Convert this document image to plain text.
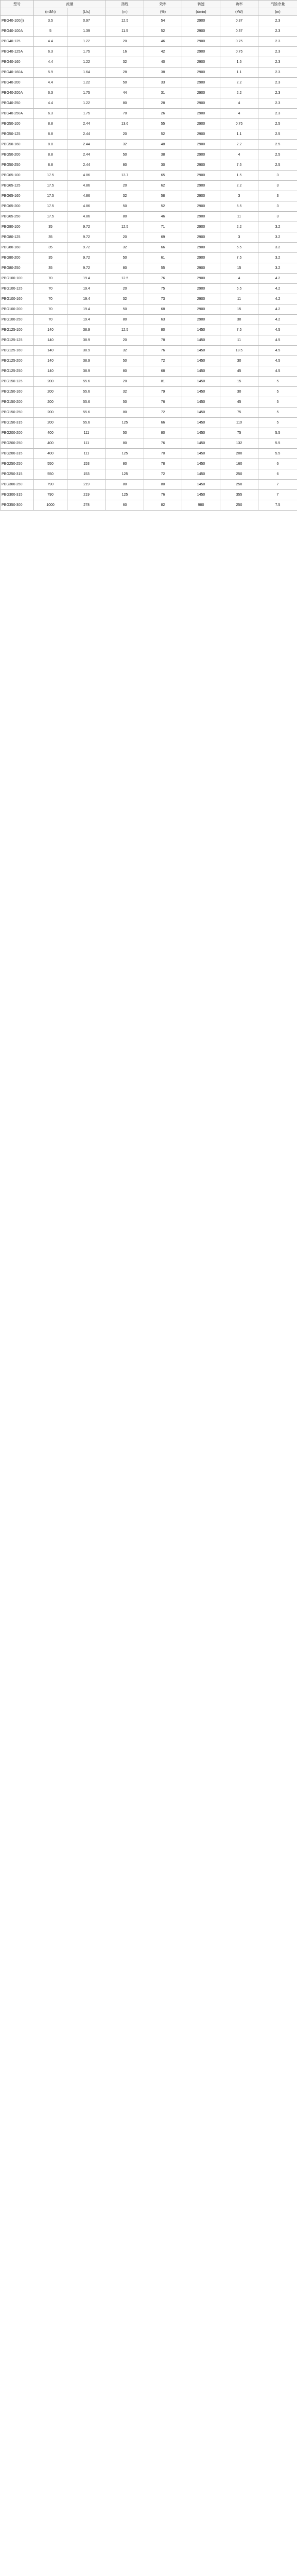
型号	流量		扬程	效率	转速	功率	汽蚀余量
	(m3/h)	(L/s)	(m)	(%)	(r/min)	(kW)	(m)
PBG40-100(I)	3.5	0.97	12.5	54	2900	0.37	2.3
PBG40-100A	5	1.39	11.5	52	2900	0.37	2.3
PBG40-125	4.4	1.22	20	46	2900	0.75	2.3
PBG40-125A	6.3	1.75	16	42	2900	0.75	2.3
PBG40-160	4.4	1.22	32	40	2900	1.5	2.3
PBG40-160A	5.9	1.64	28	38	2900	1.1	2.3
PBG40-200	4.4	1.22	50	33	2900	2.2	2.3
PBG40-200A	6.3	1.75	44	31	2900	2.2	2.3
PBG40-250	4.4	1.22	80	28	2900	4	2.3
PBG40-250A	6.3	1.75	70	26	2900	4	2.3
PBG50-100	8.8	2.44	13.6	55	2900	0.75	2.5
PBG50-125	8.8	2.44	20	52	2900	1.1	2.5
PBG50-160	8.8	2.44	32	48	2900	2.2	2.5
PBG50-200	8.8	2.44	50	38	2900	4	2.5
PBG50-250	8.8	2.44	80	30	2900	7.5	2.5
PBG65-100	17.5	4.86	13.7	65	2900	1.5	3
PBG65-125	17.5	4.86	20	62	2900	2.2	3
PBG65-160	17.5	4.86	32	58	2900	3	3
PBG65-200	17.5	4.86	50	52	2900	5.5	3
PBG65-250	17.5	4.86	80	46	2900	11	3
PBG80-100	35	9.72	12.5	71	2900	2.2	3.2
PBG80-125	35	9.72	20	69	2900	3	3.2
PBG80-160	35	9.72	32	66	2900	5.5	3.2
PBG80-200	35	9.72	50	61	2900	7.5	3.2
PBG80-250	35	9.72	80	55	2900	15	3.2
PBG100-100	70	19.4	12.5	76	2900	4	4.2
PBG100-125	70	19.4	20	75	2900	5.5	4.2
PBG100-160	70	19.4	32	73	2900	11	4.2
PBG100-200	70	19.4	50	68	2900	15	4.2
PBG100-250	70	19.4	80	63	2900	30	4.2
PBG125-100	140	38.9	12.5	80	1450	7.5	4.5
PBG125-125	140	38.9	20	78	1450	11	4.5
PBG125-160	140	38.9	32	76	1450	18.5	4.5
PBG125-200	140	38.9	50	72	1450	30	4.5
PBG125-250	140	38.9	80	68	1450	45	4.5
PBG150-125	200	55.6	20	81	1450	15	5
PBG150-160	200	55.6	32	79	1450	30	5
PBG150-200	200	55.6	50	76	1450	45	5
PBG150-250	200	55.6	80	72	1450	75	5
PBG150-315	200	55.6	125	66	1450	110	5
PBG200-200	400	111	50	80	1450	75	5.5
PBG200-250	400	111	80	76	1450	132	5.5
PBG200-315	400	111	125	70	1450	200	5.5
PBG250-250	550	153	80	78	1450	160	6
PBG250-315	550	153	125	72	1450	250	6
PBG300-250	790	219	80	80	1450	250	7
PBG300-315	790	219	125	76	1450	355	7
PBG350-300	1000	278	60	82	980	250	7.5
